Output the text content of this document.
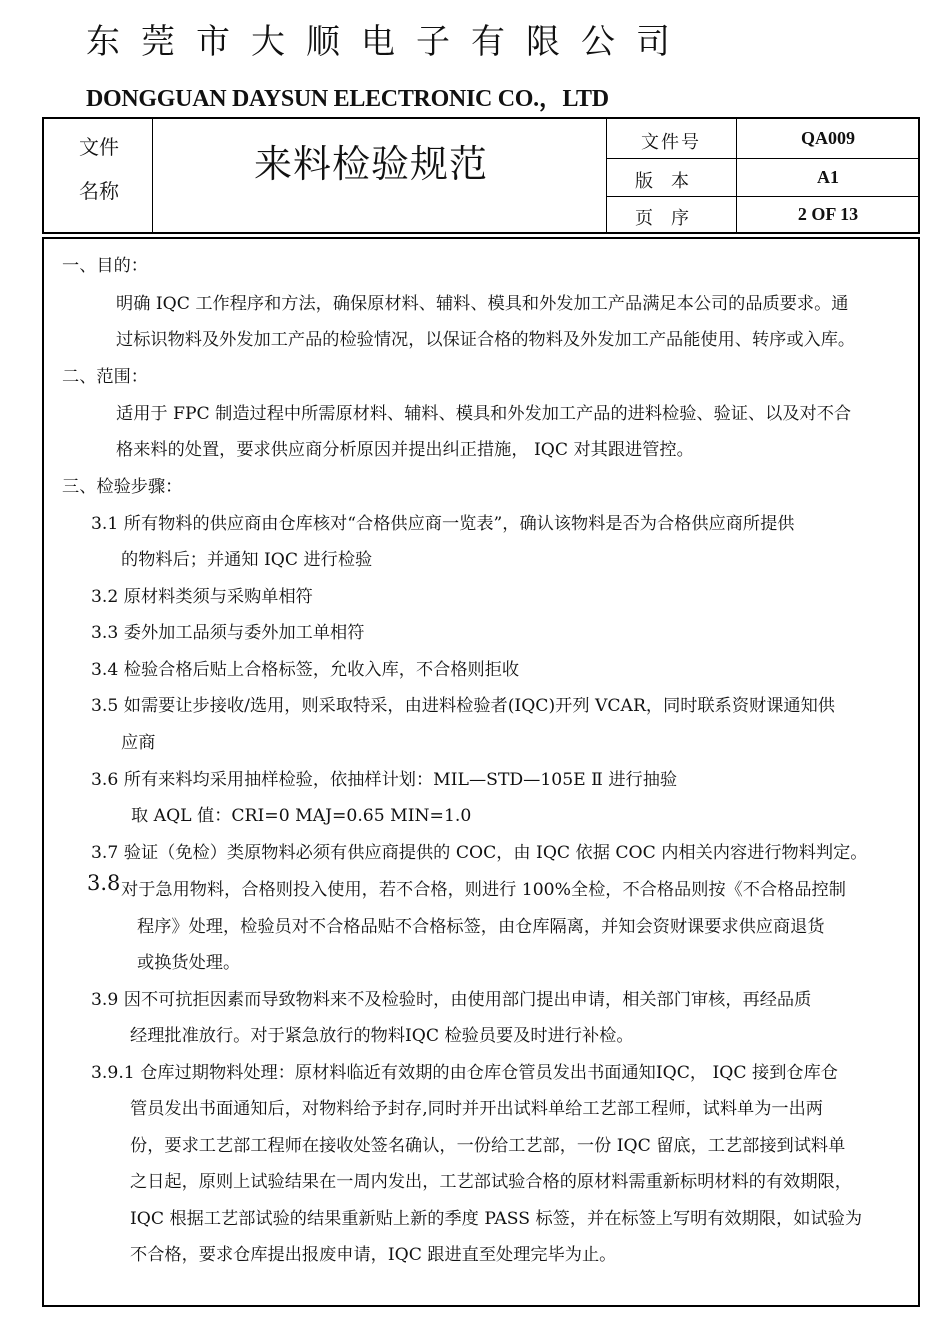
东莞市大顺电子有限公司
DONGGUAN DAYSUN ELECTRONIC CO.，LTD
文件
名称
来料检验规范	文件号	QA009
版本	A1
页序	2 OF 13
一、目的：
明确 IQC 工作程序和方法，确保原材料、辅料、模具和外发加工产品满足本公司的品质要求。通
过标识物料及外发加工产品的检验情况，以保证合格的物料及外发加工产品能使用、转序或入库。
二、范围：
适用于 FPC 制造过程中所需原材料、辅料、模具和外发加工产品的进料检验、验证、以及对不合
格来料的处置，要求供应商分析原因并提出纠正措施， IQC 对其跟进管控。
三、检验步骤：
3.1 所有物料的供应商由仓库核对“合格供应商一览表”，确认该物料是否为合格供应商所提供
的物料后；并通知 IQC 进行检验
3.2 原材料类须与采购单相符
3.3 委外加工品须与委外加工单相符
3.4 检验合格后贴上合格标签，允收入库，不合格则拒收
3.5 如需要让步接收/选用，则采取特采，由进料检验者(IQC)开列 VCAR，同时联系资财课通知供
应商
3.6 所有来料均采用抽样检验，依抽样计划：MIL—STD—105E Ⅱ 进行抽验
取 AQL 值：CRI=0 MAJ=0.65 MIN=1.0
3.7 验证（免检）类原物料必须有供应商提供的 COC，由 IQC 依据 COC 内相关内容进行物料判定。
3.8 对于急用物料，合格则投入使用，若不合格，则进行 100%全检，不合格品则按《不合格品控制
程序》处理，检验员对不合格品贴不合格标签，由仓库隔离，并知会资财课要求供应商退货
或换货处理。
3.9 因不可抗拒因素而导致物料来不及检验时，由使用部门提出申请，相关部门审核，再经品质
经理批准放行。对于紧急放行的物料IQC 检验员要及时进行补检。
3.9.1 仓库过期物料处理：原材料临近有效期的由仓库仓管员发出书面通知IQC， IQC 接到仓库仓
管员发出书面通知后，对物料给予封存,同时并开出试料单给工艺部工程师，试料单为一出两
份，要求工艺部工程师在接收处签名确认，一份给工艺部，一份 IQC 留底，工艺部接到试料单
之日起，原则上试验结果在一周内发出，工艺部试验合格的原材料需重新标明材料的有效期限，
IQC 根据工艺部试验的结果重新贴上新的季度 PASS 标签，并在标签上写明有效期限，如试验为
不合格，要求仓库提出报废申请，IQC 跟进直至处理完毕为止。
